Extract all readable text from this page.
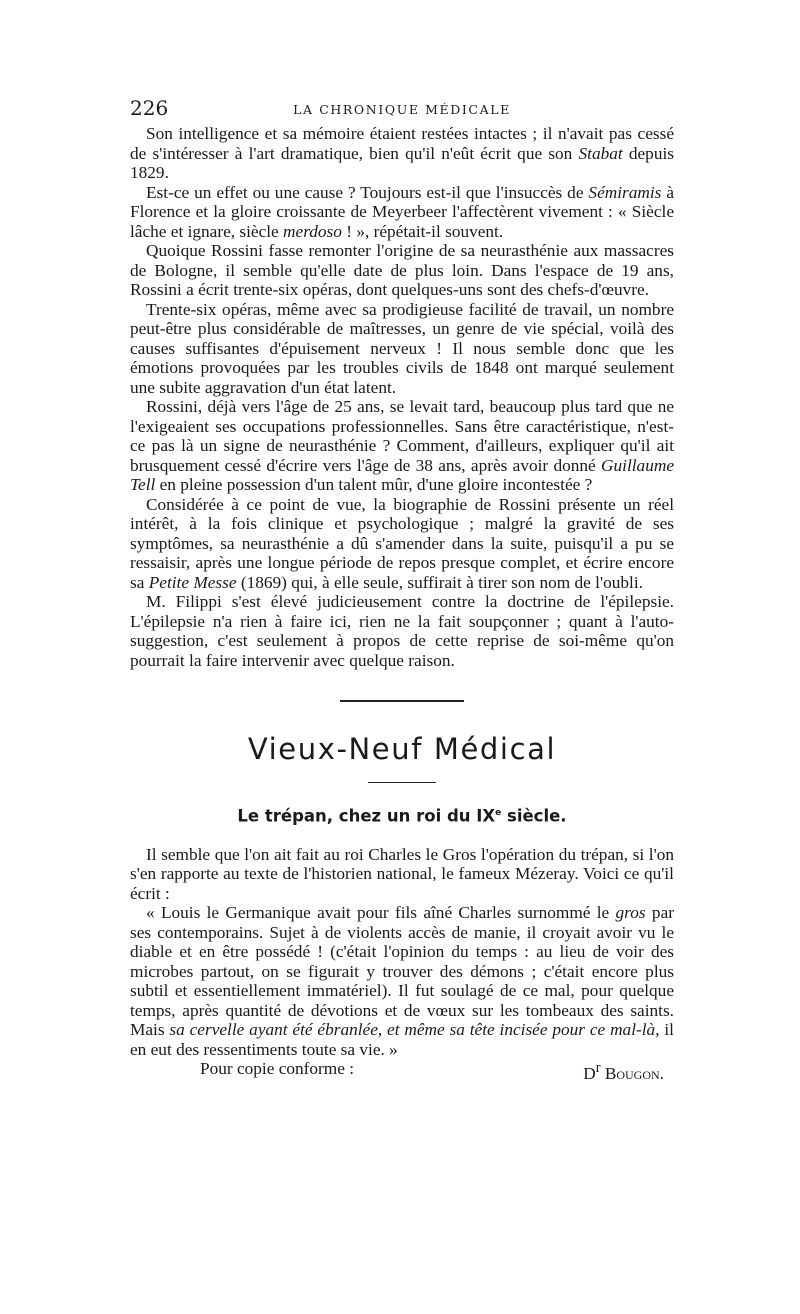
226	LA CHRONIQUE MÉDICALE

Son intelligence et sa mémoire étaient restées intactes ; il n'avait pas cessé de s'intéresser à l'art dramatique, bien qu'il n'eût écrit que son Stabat depuis 1829.

Est-ce un effet ou une cause ? Toujours est-il que l'insuccès de Sémiramis à Florence et la gloire croissante de Meyerbeer l'affectèrent vivement : « Siècle lâche et ignare, siècle merdoso ! », répétait-il souvent.

Quoique Rossini fasse remonter l'origine de sa neurasthénie aux massacres de Bologne, il semble qu'elle date de plus loin. Dans l'espace de 19 ans, Rossini a écrit trente-six opéras, dont quelques-uns sont des chefs-d'œuvre.

Trente-six opéras, même avec sa prodigieuse facilité de travail, un nombre peut-être plus considérable de maîtresses, un genre de vie spécial, voilà des causes suffisantes d'épuisement nerveux ! Il nous semble donc que les émotions provoquées par les troubles civils de 1848 ont marqué seulement une subite aggravation d'un état latent.

Rossini, déjà vers l'âge de 25 ans, se levait tard, beaucoup plus tard que ne l'exigeaient ses occupations professionnelles. Sans être caractéristique, n'est-ce pas là un signe de neurasthénie ? Comment, d'ailleurs, expliquer qu'il ait brusquement cessé d'écrire vers l'âge de 38 ans, après avoir donné Guillaume Tell en pleine possession d'un talent mûr, d'une gloire incontestée ?

Considérée à ce point de vue, la biographie de Rossini présente un réel intérêt, à la fois clinique et psychologique ; malgré la gravité de ses symptômes, sa neurasthénie a dû s'amender dans la suite, puisqu'il a pu se ressaisir, après une longue période de repos presque complet, et écrire encore sa Petite Messe (1869) qui, à elle seule, suffirait à tirer son nom de l'oubli.

M. Filippi s'est élevé judicieusement contre la doctrine de l'épilepsie. L'épilepsie n'a rien à faire ici, rien ne la fait soupçonner ; quant à l'auto-suggestion, c'est seulement à propos de cette reprise de soi-même qu'on pourrait la faire intervenir avec quelque raison.

Vieux-Neuf Médical
Le trépan, chez un roi du IXe siècle.

Il semble que l'on ait fait au roi Charles le Gros l'opération du trépan, si l'on s'en rapporte au texte de l'historien national, le fameux Mézeray. Voici ce qu'il écrit :

« Louis le Germanique avait pour fils aîné Charles surnommé le gros par ses contemporains. Sujet à de violents accès de manie, il croyait avoir vu le diable et en être possédé ! (c'était l'opinion du temps : au lieu de voir des microbes partout, on se figurait y trouver des démons ; c'était encore plus subtil et essentiellement immatériel). Il fut soulagé de ce mal, pour quelque temps, après quantité de dévotions et de vœux sur les tombeaux des saints. Mais sa cervelle ayant été ébranlée, et même sa tête incisée pour ce mal-là, il en eut des ressentiments toute sa vie. »

Pour copie conforme :	$D^r$ Bougon.
